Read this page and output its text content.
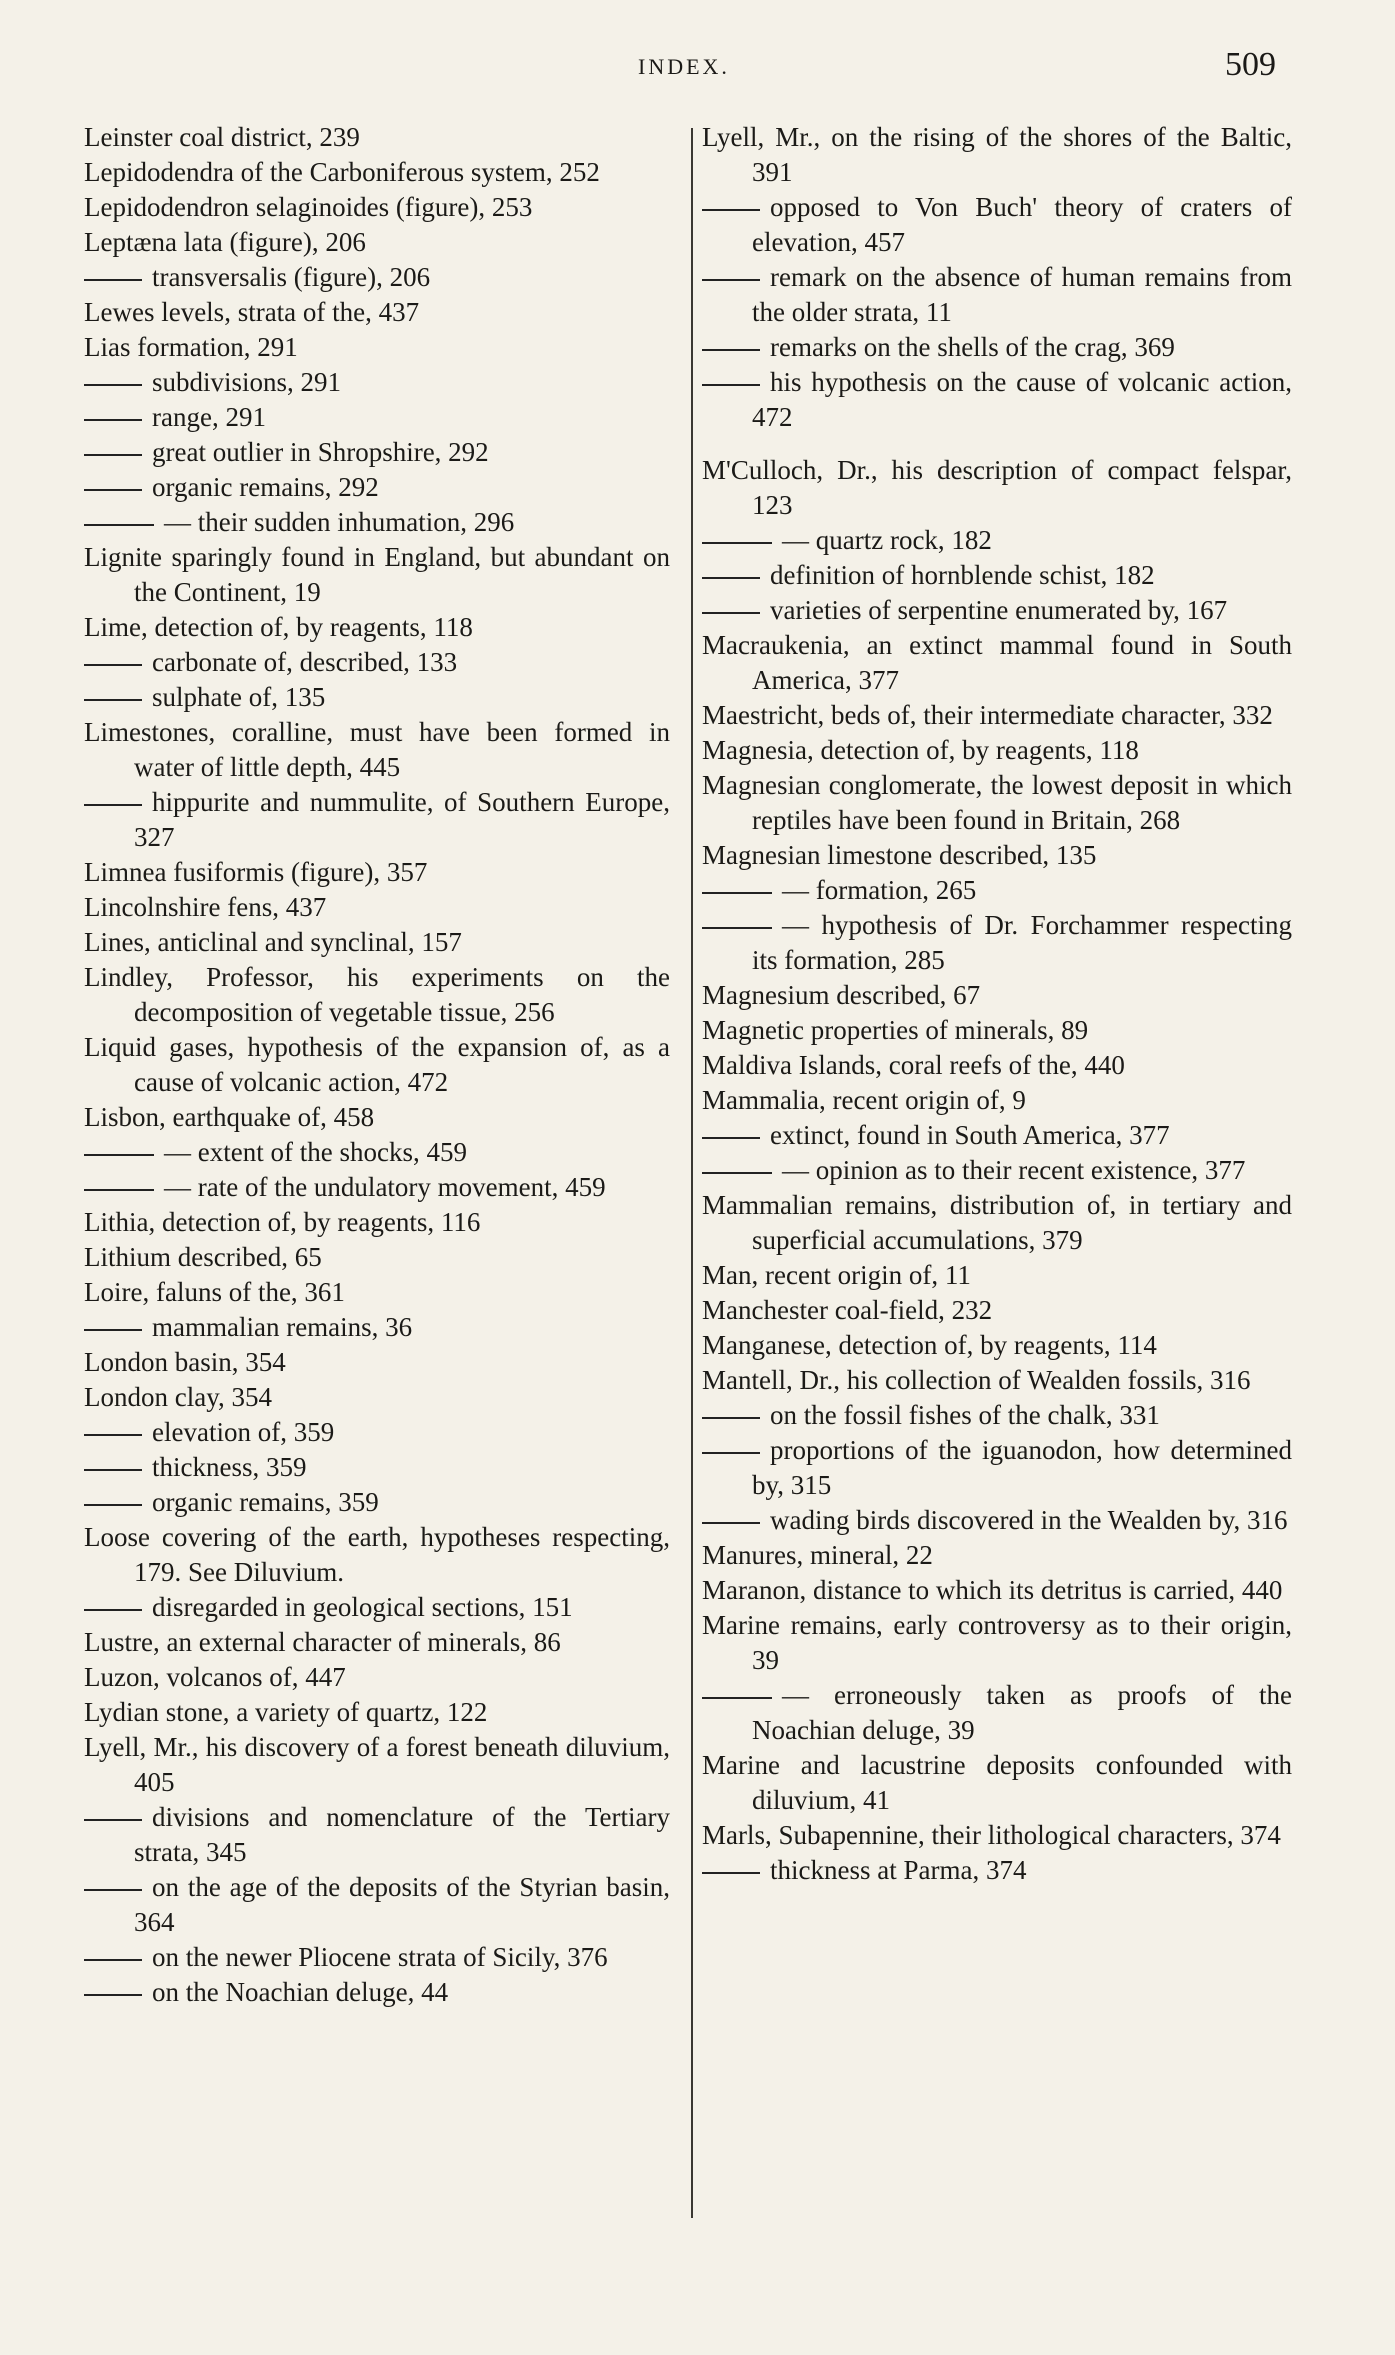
INDEX.	509
Leinster coal district, 239
Lepidodendra of the Carboniferous system, 252
Lepidodendron selaginoides (figure), 253
Leptæna lata (figure), 206
transversalis (figure), 206
Lewes levels, strata of the, 437
Lias formation, 291
subdivisions, 291
range, 291
great outlier in Shropshire, 292
organic remains, 292
— their sudden inhumation, 296
Lignite sparingly found in England, but abundant on the Continent, 19
Lime, detection of, by reagents, 118
carbonate of, described, 133
sulphate of, 135
Limestones, coralline, must have been formed in water of little depth, 445
hippurite and nummulite, of Southern Europe, 327
Limnea fusiformis (figure), 357
Lincolnshire fens, 437
Lines, anticlinal and synclinal, 157
Lindley, Professor, his experiments on the decomposition of vegetable tissue, 256
Liquid gases, hypothesis of the expansion of, as a cause of volcanic action, 472
Lisbon, earthquake of, 458
— extent of the shocks, 459
— rate of the undulatory movement, 459
Lithia, detection of, by reagents, 116
Lithium described, 65
Loire, faluns of the, 361
mammalian remains, 36
London basin, 354
London clay, 354
elevation of, 359
thickness, 359
organic remains, 359
Loose covering of the earth, hypotheses respecting, 179. See Diluvium.
disregarded in geological sections, 151
Lustre, an external character of minerals, 86
Luzon, volcanos of, 447
Lydian stone, a variety of quartz, 122
Lyell, Mr., his discovery of a forest beneath diluvium, 405
divisions and nomenclature of the Tertiary strata, 345
on the age of the deposits of the Styrian basin, 364
on the newer Pliocene strata of Sicily, 376
on the Noachian deluge, 44
Lyell, Mr., on the rising of the shores of the Baltic, 391
opposed to Von Buch' theory of craters of elevation, 457
remark on the absence of human remains from the older strata, 11
remarks on the shells of the crag, 369
his hypothesis on the cause of volcanic action, 472
M'Culloch, Dr., his description of compact felspar, 123
— quartz rock, 182
definition of hornblende schist, 182
varieties of serpentine enumerated by, 167
Macraukenia, an extinct mammal found in South America, 377
Maestricht, beds of, their intermediate character, 332
Magnesia, detection of, by reagents, 118
Magnesian conglomerate, the lowest deposit in which reptiles have been found in Britain, 268
Magnesian limestone described, 135
— formation, 265
— hypothesis of Dr. Forchammer respecting its formation, 285
Magnesium described, 67
Magnetic properties of minerals, 89
Maldiva Islands, coral reefs of the, 440
Mammalia, recent origin of, 9
extinct, found in South America, 377
— opinion as to their recent existence, 377
Mammalian remains, distribution of, in tertiary and superficial accumulations, 379
Man, recent origin of, 11
Manchester coal-field, 232
Manganese, detection of, by reagents, 114
Mantell, Dr., his collection of Wealden fossils, 316
on the fossil fishes of the chalk, 331
proportions of the iguanodon, how determined by, 315
wading birds discovered in the Wealden by, 316
Manures, mineral, 22
Maranon, distance to which its detritus is carried, 440
Marine remains, early controversy as to their origin, 39
— erroneously taken as proofs of the Noachian deluge, 39
Marine and lacustrine deposits confounded with diluvium, 41
Marls, Subapennine, their lithological characters, 374
thickness at Parma, 374
